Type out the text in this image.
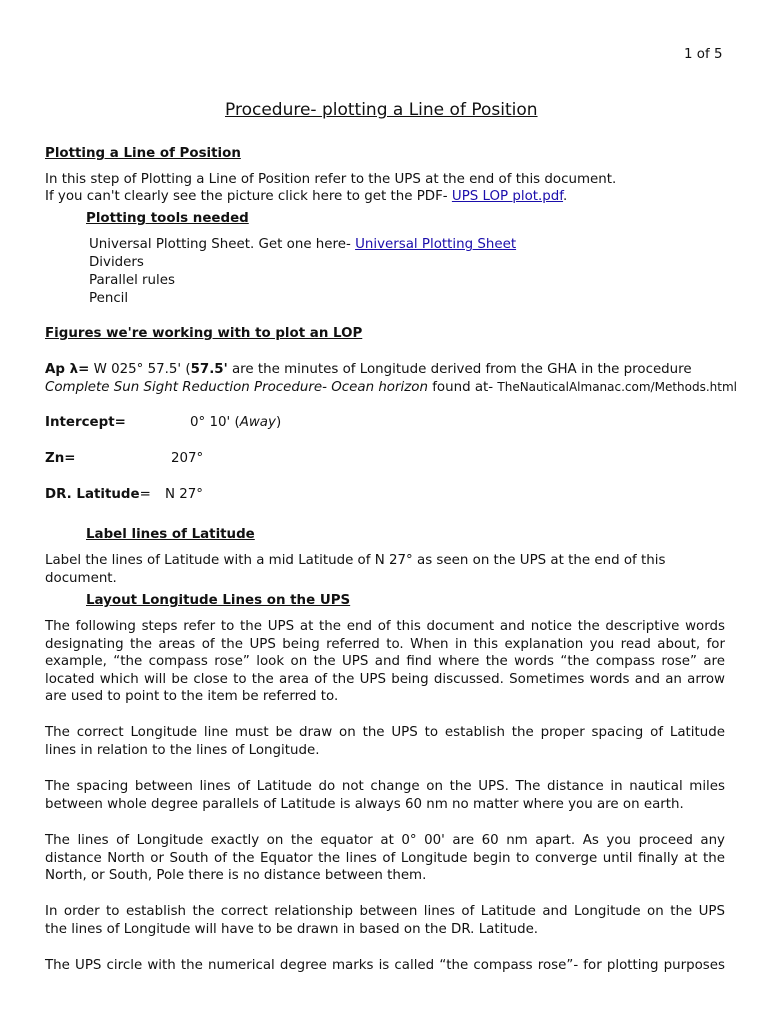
1 of 5
Procedure- plotting a Line of Position
Plotting a Line of Position
In this step of Plotting a Line of Position refer to the UPS at the end of this document.
If you can't clearly see the picture click here to get the PDF- UPS LOP plot.pdf.
Plotting tools needed
Universal Plotting Sheet. Get one here- Universal Plotting Sheet
Dividers
Parallel rules
Pencil
Figures we're working with to plot an LOP
Ap λ= W 025° 57.5' (57.5' are the minutes of Longitude derived from the GHA in the procedure
Complete Sun Sight Reduction Procedure- Ocean horizon found at- TheNauticalAlmanac.com/Methods.html
Intercept=	0° 10' (Away)
Zn=	207°
DR. Latitude= N 27°
Label lines of Latitude
Label the lines of Latitude with a mid Latitude of N 27° as seen on the UPS at the end of this
document.
Layout Longitude Lines on the UPS
The following steps refer to the UPS at the end of this document and notice the descriptive words
designating the areas of the UPS being referred to. When in this explanation you read about, for
example, “the compass rose” look on the UPS and find where the words “the compass rose” are
located which will be close to the area of the UPS being discussed. Sometimes words and an arrow
are used to point to the item be referred to.
The correct Longitude line must be draw on the UPS to establish the proper spacing of Latitude
lines in relation to the lines of Longitude.
The spacing between lines of Latitude do not change on the UPS. The distance in nautical miles
between whole degree parallels of Latitude is always 60 nm no matter where you are on earth.
The lines of Longitude exactly on the equator at 0° 00' are 60 nm apart. As you proceed any
distance North or South of the Equator the lines of Longitude begin to converge until finally at the
North, or South, Pole there is no distance between them.
In order to establish the correct relationship between lines of Latitude and Longitude on the UPS
the lines of Longitude will have to be drawn in based on the DR. Latitude.
The UPS circle with the numerical degree marks is called “the compass rose”- for plotting purposes
